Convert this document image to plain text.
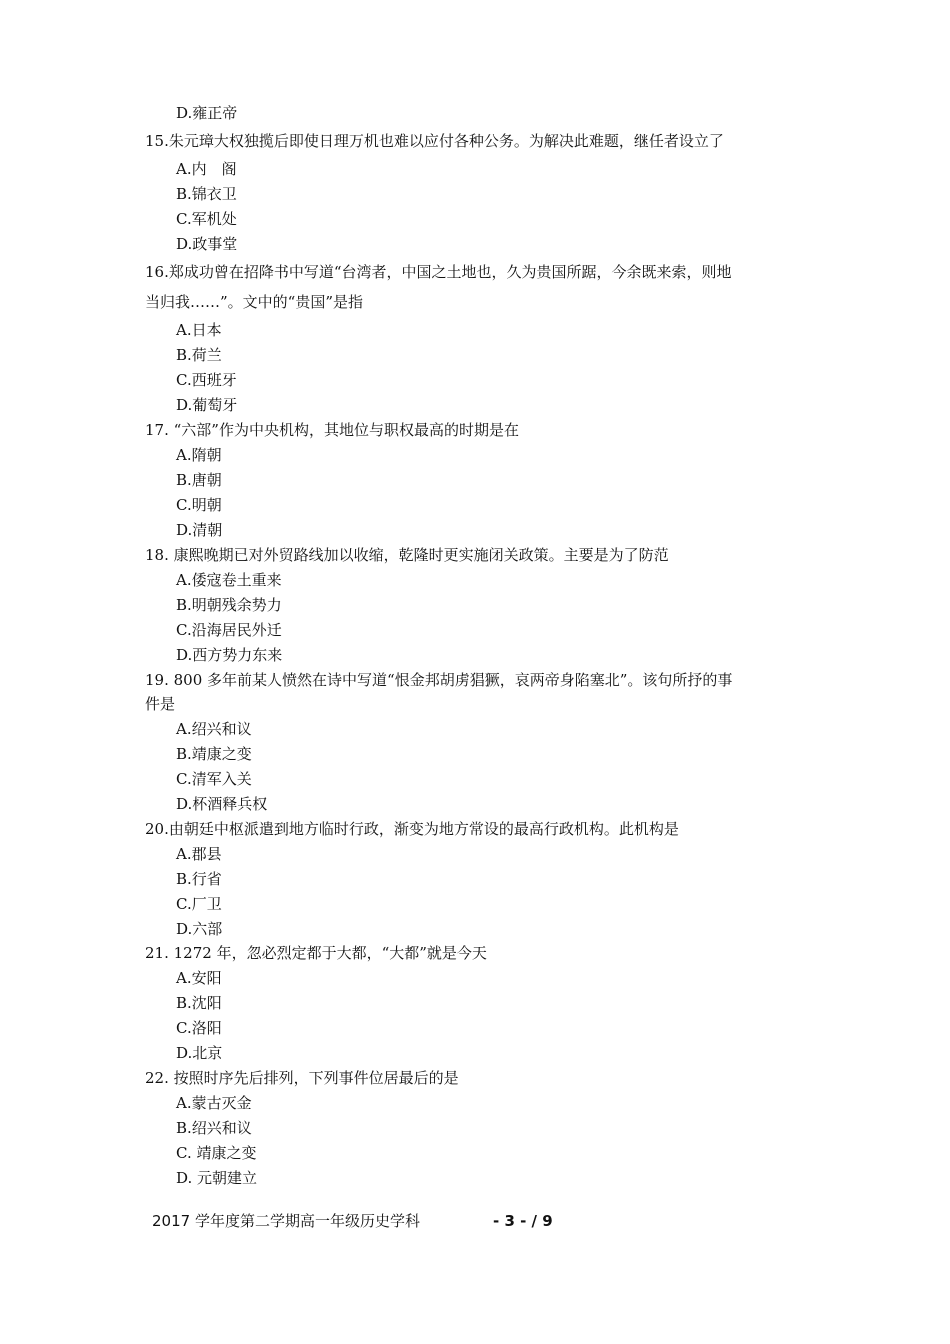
D.雍正帝
15.朱元璋大权独揽后即使日理万机也难以应付各种公务。为解决此难题，继任者设立了
A.内　阁
B.锦衣卫
C.军机处
D.政事堂
16.郑成功曾在招降书中写道“台湾者，中国之土地也，久为贵国所踞，今余既来索，则地
当归我……”。文中的“贵国”是指
A.日本
B.荷兰
C.西班牙
D.葡萄牙
17. “六部”作为中央机构，其地位与职权最高的时期是在
A.隋朝
B.唐朝
C.明朝
D.清朝
18. 康熙晚期已对外贸路线加以收缩，乾隆时更实施闭关政策。主要是为了防范
A.倭寇卷土重来
B.明朝残余势力
C.沿海居民外迁
D.西方势力东来
19. 800 多年前某人愤然在诗中写道“恨金邦胡虏猖獗，哀两帝身陷塞北”。该句所抒的事
件是
A.绍兴和议
B.靖康之变
C.清军入关
D.杯酒释兵权
20.由朝廷中枢派遣到地方临时行政，渐变为地方常设的最高行政机构。此机构是
A.郡县
B.行省
C.厂卫
D.六部
21. 1272 年，忽必烈定都于大都，“大都”就是今天
A.安阳
B.沈阳
C.洛阳
D.北京
22. 按照时序先后排列，下列事件位居最后的是
A.蒙古灭金
B.绍兴和议
C. 靖康之变
D. 元朝建立
2017 学年度第二学期高一年级历史学科	- 3 - / 9
